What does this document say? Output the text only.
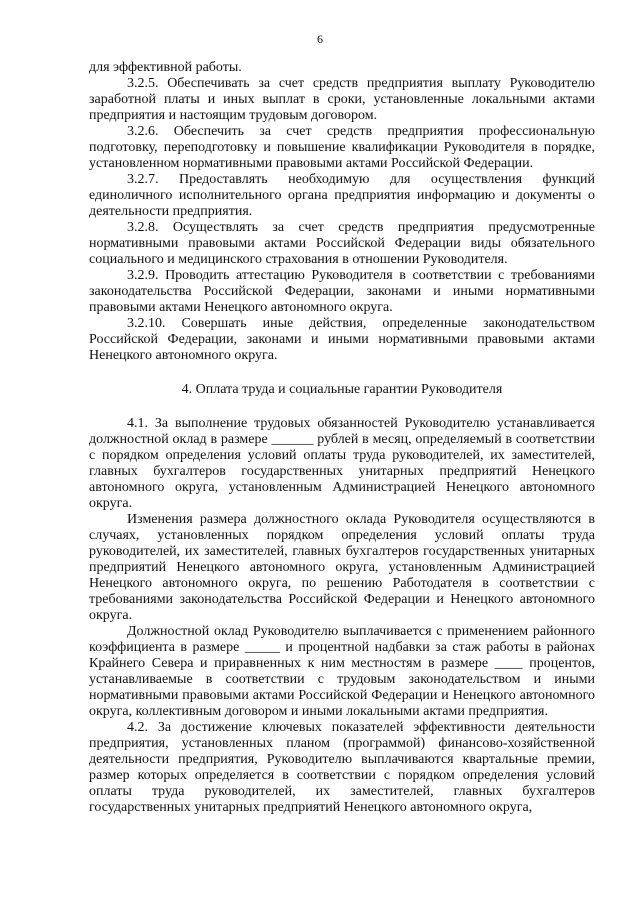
6

для эффективной работы.

3.2.5. Обеспечивать за счет средств предприятия выплату Руководителю заработной платы и иных выплат в сроки, установленные локальными актами предприятия и настоящим трудовым договором.

3.2.6. Обеспечить за счет средств предприятия профессиональную подготовку, переподготовку и повышение квалификации Руководителя в порядке, установленном нормативными правовыми актами Российской Федерации.

3.2.7. Предоставлять необходимую для осуществления функций единоличного исполнительного органа предприятия информацию и документы о деятельности предприятия.

3.2.8. Осуществлять за счет средств предприятия предусмотренные нормативными правовыми актами Российской Федерации виды обязательного социального и медицинского страхования в отношении Руководителя.

3.2.9. Проводить аттестацию Руководителя в соответствии с требованиями законодательства Российской Федерации, законами и иными нормативными правовыми актами Ненецкого автономного округа.

3.2.10. Совершать иные действия, определенные законодательством Российской Федерации, законами и иными нормативными правовыми актами Ненецкого автономного округа.

4. Оплата труда и социальные гарантии Руководителя

4.1. За выполнение трудовых обязанностей Руководителю устанавливается должностной оклад в размере ______ рублей в месяц, определяемый в соответствии с порядком определения условий оплаты труда руководителей, их заместителей, главных бухгалтеров государственных унитарных предприятий Ненецкого автономного округа, установленным Администрацией Ненецкого автономного округа.

Изменения размера должностного оклада Руководителя осуществляются в случаях, установленных порядком определения условий оплаты труда руководителей, их заместителей, главных бухгалтеров государственных унитарных предприятий Ненецкого автономного округа, установленным Администрацией Ненецкого автономного округа, по решению Работодателя в соответствии с требованиями законодательства Российской Федерации и Ненецкого автономного округа.

Должностной оклад Руководителю выплачивается с применением районного коэффициента в размере _____ и процентной надбавки за стаж работы в районах Крайнего Севера и приравненных к ним местностям в размере ____ процентов, устанавливаемые в соответствии с трудовым законодательством и иными нормативными правовыми актами Российской Федерации и Ненецкого автономного округа, коллективным договором и иными локальными актами предприятия.

4.2. За достижение ключевых показателей эффективности деятельности предприятия, установленных планом (программой) финансово-хозяйственной деятельности предприятия, Руководителю выплачиваются квартальные премии, размер которых определяется в соответствии с порядком определения условий оплаты труда руководителей, их заместителей, главных бухгалтеров государственных унитарных предприятий Ненецкого автономного округа,
